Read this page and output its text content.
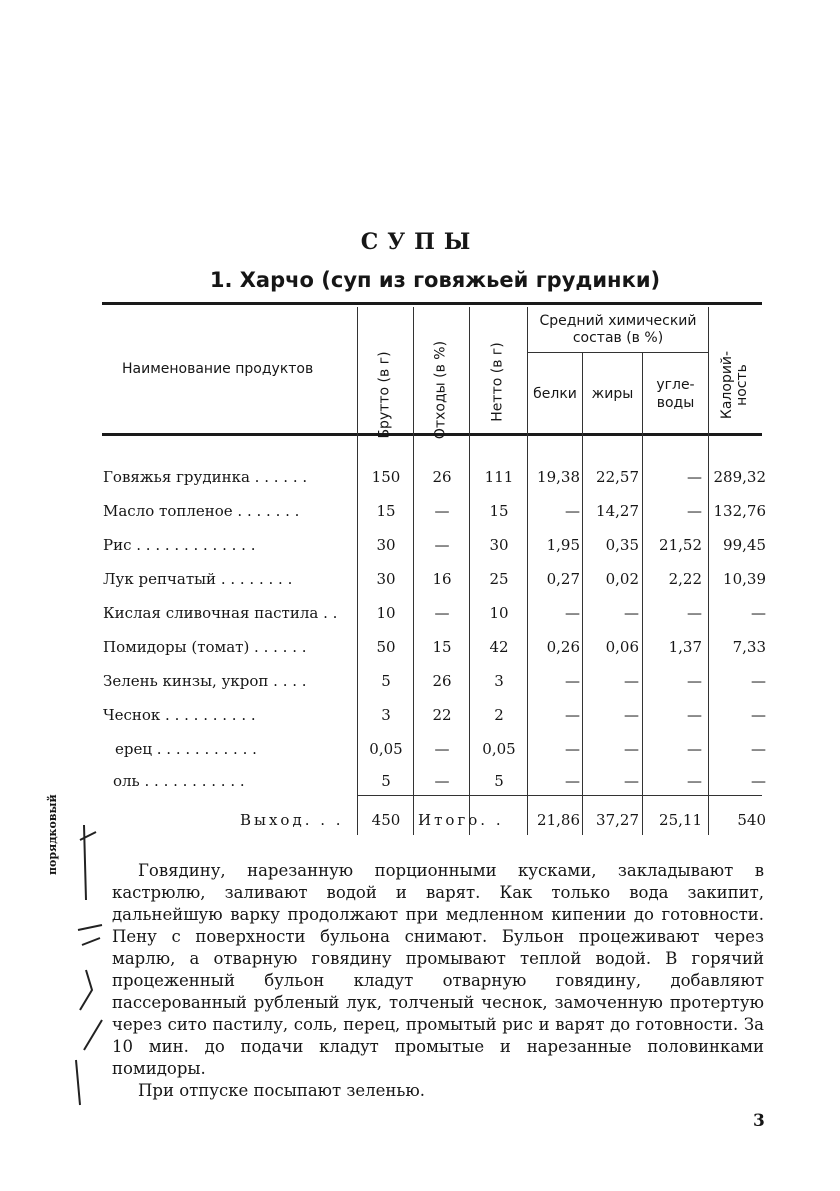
СУПЫ
1. Харчо (суп из говяжьей грудинки)
Наименование продуктов	Брутто (в г)	Отходы (в %)	Нетто (в г)
Средний химический
состав (в %)
белки	жиры
угле-
воды	Калорий-
ность
Говяжья грудинка . . . . . .	150	26	111	19,38	22,57	— 289,32
Масло топленое . . . . . . .	15	—	15	—	14,27	— 132,76
Рис . . . . . . . . . . . . .	30	—	30	1,95	0,35	21,52	99,45
Лук репчатый . . . . . . . .	30	16	25	0,27	0,02	2,22	10,39
Кислая сливочная пастила . .	10	—	10	—	—	—	—
Помидоры (томат) . . . . . .	50	15	42	0,26	0,06	1,37	7,33
Зелень кинзы, укроп . . . .	5	26	3	—	—	—	—
Чеснок . . . . . . . . . .	3	22	2	—	—	—	—
ерец . . . . . . . . . . .	0,05	—	0,05	—	—	—	—
оль . . . . . . . . . . .	5	—	5	—	—	—	—
Выход. . .	450	Итого. .	21,86	37,27	25,11	540
порядковый	Говядину, нарезанную порционными кусками, закладывают в кастрюлю, заливают водой и варят. Как только вода закипит, дальнейшую варку продолжают при медленном кипении до готовности. Пену с поверхности бульона снимают. Бульон процеживают через марлю, а отварную говядину промывают теплой водой. В горячий процеженный бульон кладут отварную говядину, добавляют пассерованный рубленый лук, толченый чеснок, замоченную протертую через сито пастилу, соль, перец, промытый рис и варят до готовности. За 10 мин. до подачи кладут промытые и нарезанные половинками помидоры.

При отпуске посыпают зеленью.

3
